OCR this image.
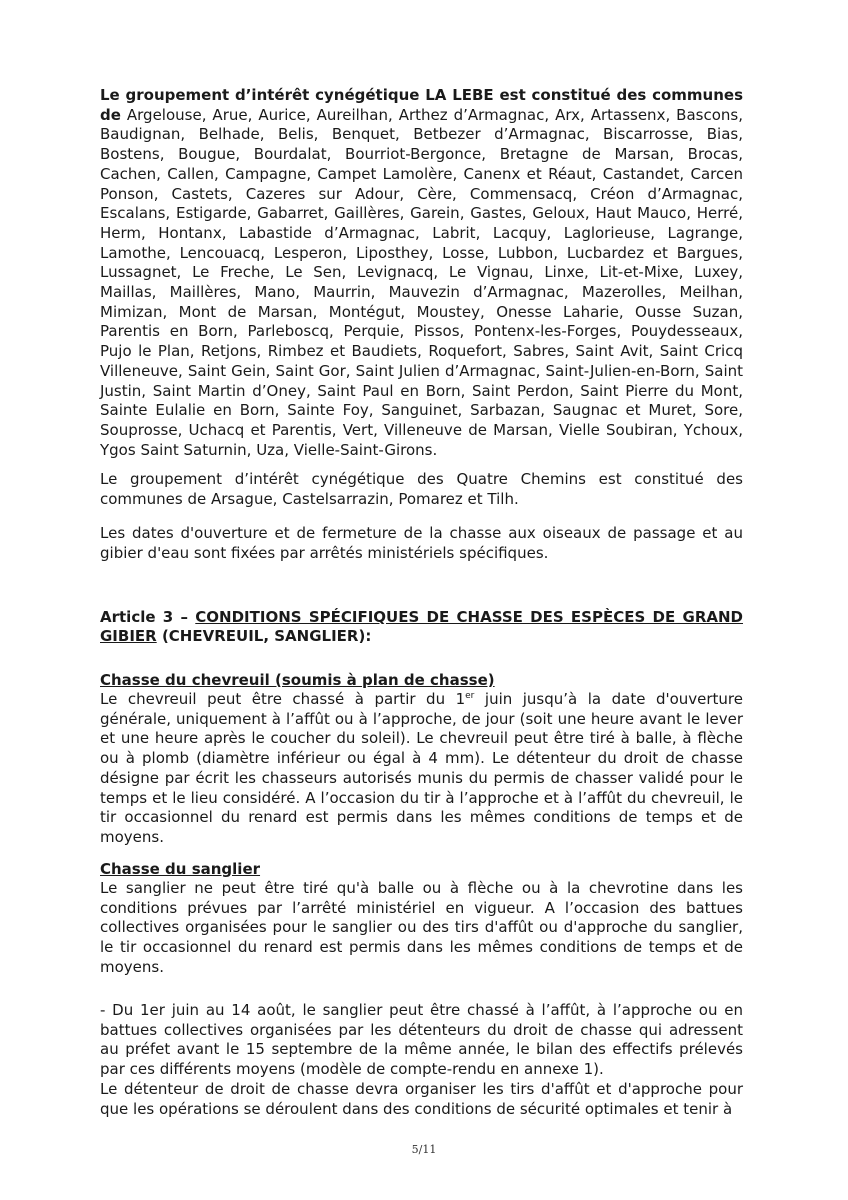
Le groupement d’intérêt cynégétique LA LEBE est constitué des communes de Argelouse, Arue, Aurice, Aureilhan, Arthez d’Armagnac, Arx, Artassenx, Bascons, Baudignan, Belhade, Belis, Benquet, Betbezer d’Armagnac, Biscarrosse, Bias, Bostens, Bougue, Bourdalat, Bourriot-Bergonce, Bretagne de Marsan, Brocas, Cachen, Callen, Campagne, Campet Lamolère, Canenx et Réaut, Castandet, Carcen Ponson, Castets, Cazeres sur Adour, Cère, Commensacq, Créon d’Armagnac, Escalans, Estigarde, Gabarret, Gaillères, Garein, Gastes, Geloux, Haut Mauco, Herré, Herm, Hontanx, Labastide d’Armagnac, Labrit, Lacquy, Laglorieuse, Lagrange, Lamothe, Lencouacq, Lesperon, Liposthey, Losse, Lubbon, Lucbardez et Bargues, Lussagnet, Le Freche, Le Sen, Levignacq, Le Vignau, Linxe, Lit-et-Mixe, Luxey, Maillas, Maillères, Mano, Maurrin, Mauvezin d’Armagnac, Mazerolles, Meilhan, Mimizan, Mont de Marsan, Montégut, Moustey, Onesse Laharie, Ousse Suzan, Parentis en Born, Parleboscq, Perquie, Pissos, Pontenx-les-Forges, Pouydesseaux, Pujo le Plan, Retjons, Rimbez et Baudiets, Roquefort, Sabres, Saint Avit, Saint Cricq Villeneuve, Saint Gein, Saint Gor, Saint Julien d’Armagnac, Saint-Julien-en-Born, Saint Justin, Saint Martin d’Oney, Saint Paul en Born, Saint Perdon, Saint Pierre du Mont, Sainte Eulalie en Born, Sainte Foy, Sanguinet, Sarbazan, Saugnac et Muret, Sore, Souprosse, Uchacq et Parentis, Vert, Villeneuve de Marsan, Vielle Soubiran, Ychoux, Ygos Saint Saturnin, Uza, Vielle-Saint-Girons.

Le groupement d’intérêt cynégétique des Quatre Chemins est constitué des communes de Arsague, Castelsarrazin, Pomarez et Tilh.

Les dates d'ouverture et de fermeture de la chasse aux oiseaux de passage et au gibier d'eau sont fixées par arrêtés ministériels spécifiques.

Article 3 – CONDITIONS SPÉCIFIQUES DE CHASSE DES ESPÈCES DE GRAND GIBIER (CHEVREUIL, SANGLIER):

Chasse du chevreuil (soumis à plan de chasse)

Le chevreuil peut être chassé à partir du 1er juin jusqu’à la date d'ouverture générale, uniquement à l’affût ou à l’approche, de jour (soit une heure avant le lever et une heure après le coucher du soleil). Le chevreuil peut être tiré à balle, à flèche ou à plomb (diamètre inférieur ou égal à 4 mm). Le détenteur du droit de chasse désigne par écrit les chasseurs autorisés munis du permis de chasser validé pour le temps et le lieu considéré. A l’occasion du tir à l’approche et à l’affût du chevreuil, le tir occasionnel du renard est permis dans les mêmes conditions de temps et de moyens.

Chasse du sanglier

Le sanglier ne peut être tiré qu'à balle ou à flèche ou à la chevrotine dans les conditions prévues par l’arrêté ministériel en vigueur. A l’occasion des battues collectives organisées pour le sanglier ou des tirs d'affût ou d'approche du sanglier, le tir occasionnel du renard est permis dans les mêmes conditions de temps et de moyens.

- Du 1er juin au 14 août, le sanglier peut être chassé à l’affût, à l’approche ou en battues collectives organisées par les détenteurs du droit de chasse qui adressent au préfet avant le 15 septembre de la même année, le bilan des effectifs prélevés par ces différents moyens (modèle de compte-rendu en annexe 1).

Le détenteur de droit de chasse devra organiser les tirs d'affût et d'approche pour que les opérations se déroulent dans des conditions de sécurité optimales et tenir à

5/11
